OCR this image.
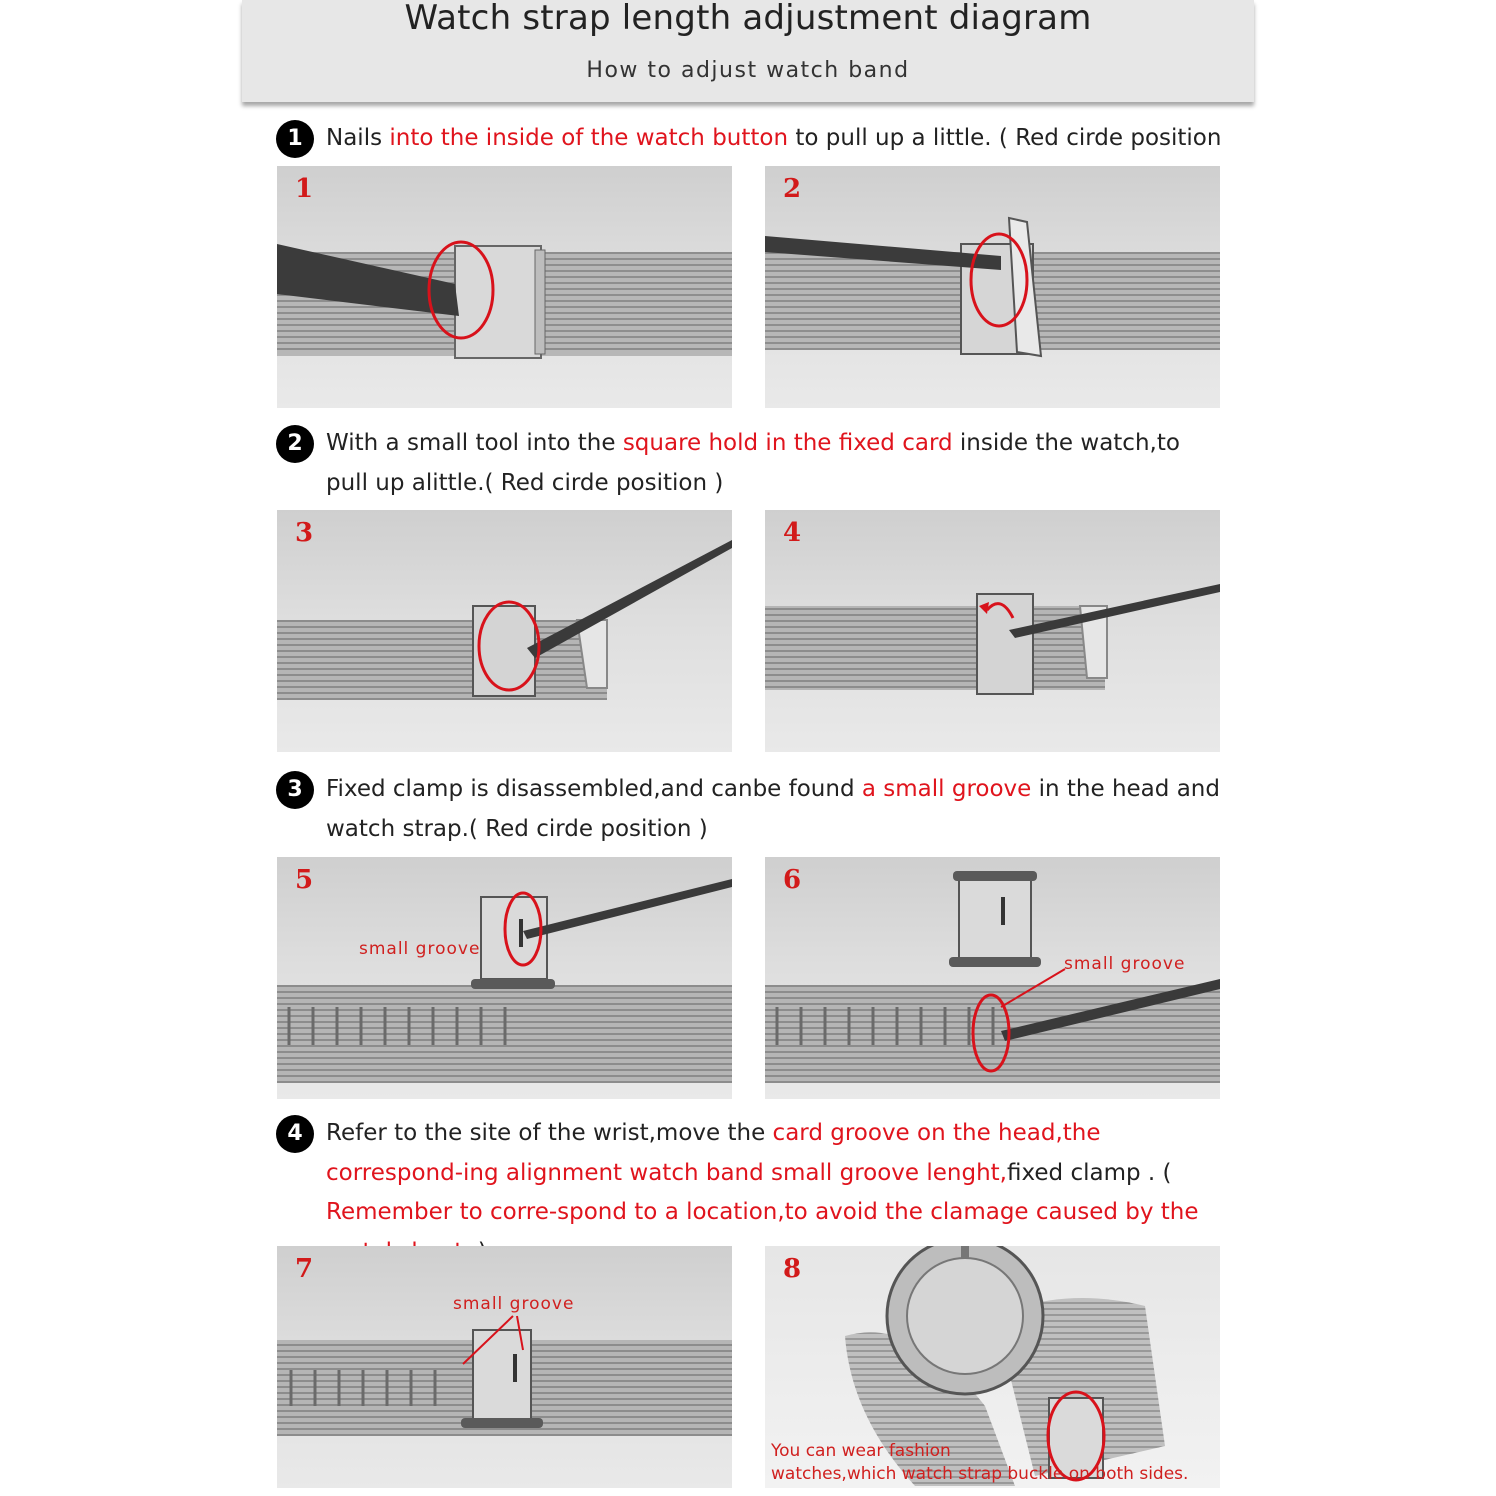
Watch strap length adjustment diagram
How to adjust watch band
1	Nails into the inside of the watch button to pull up a little. ( Red cirde position
1	2
2	With a small tool into the square hold in the fixed card inside the watch,to pull up alittle.( Red cirde position )
3	4
3	Fixed clamp is disassembled,and canbe found a small groove in the head and watch strap.( Red cirde position )
5
small groove
6
small groove
4	Refer to the site of the wrist,move the card groove on the head,the correspond-ing alignment watch band small groove lenght,fixed clamp . ( Remember to corre-spond to a location,to avoid the clamage caused by the
7
small groove
8
You can wear fashion
watches,which watch strap buckle on both sides.
